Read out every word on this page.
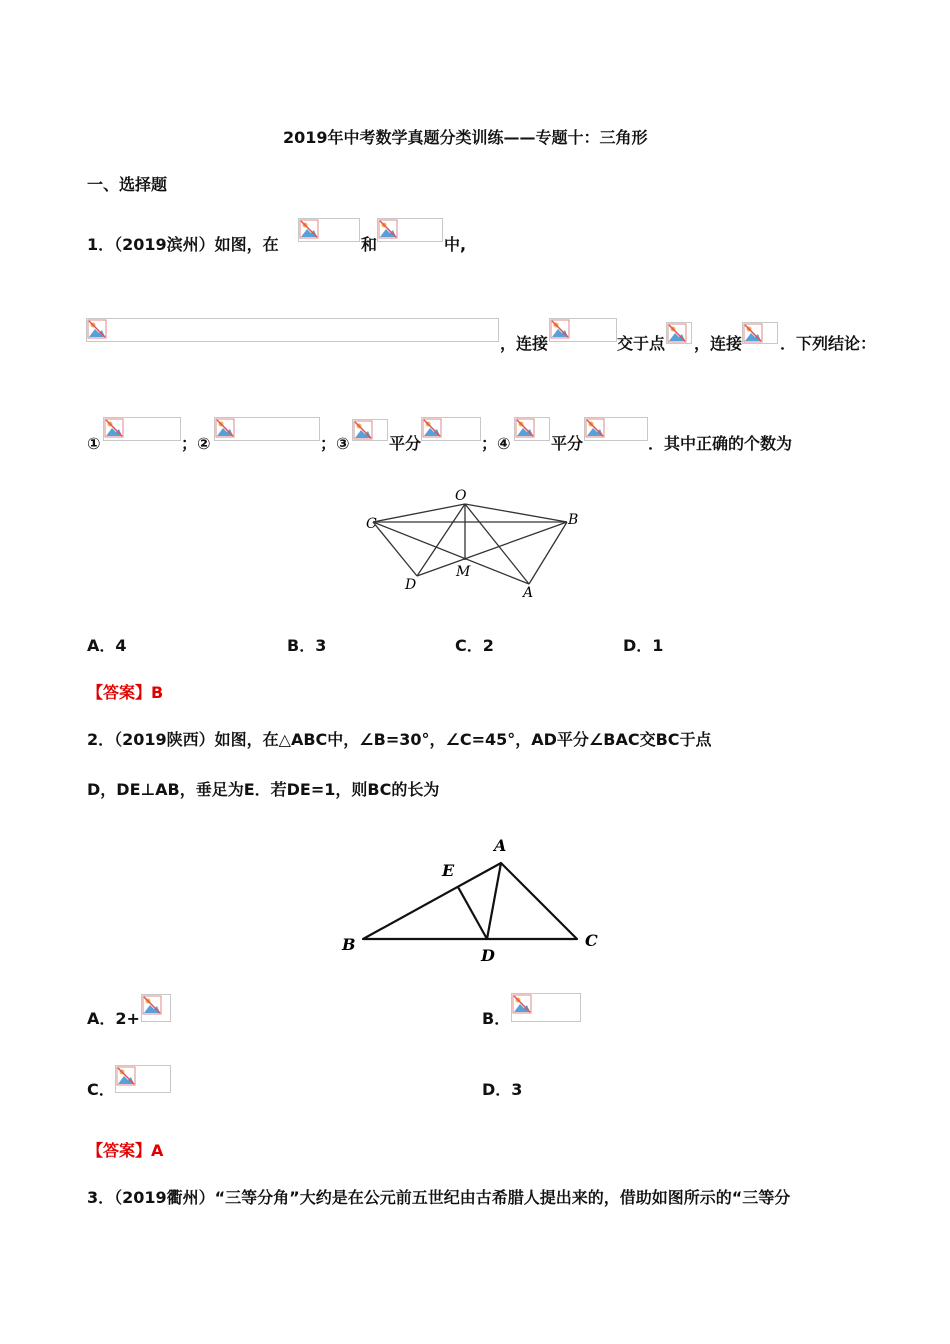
2019年中考数学真题分类训练——专题十：三角形
一、选择题
1．（2019滨州）如图，在	和	中,
，连接	交于点 ，连接 ．下列结论：
①	；②	；③ 平分	；④	平分	．其中正确的个数为
O
B
C
D
M
A
A．4	B．3	C．2	D．1
【答案】B
2．（2019陕西）如图，在△ABC中，∠B=30°，∠C=45°，AD平分∠BAC交BC于点
D，DE⊥AB，垂足为E．若DE=1，则BC的长为
A
B	C
D
E
A．2+	B．
C．	D．3
【答案】A
3．（2019衢州）“三等分角”大约是在公元前五世纪由古希腊人提出来的，借助如图所示的“三等分
